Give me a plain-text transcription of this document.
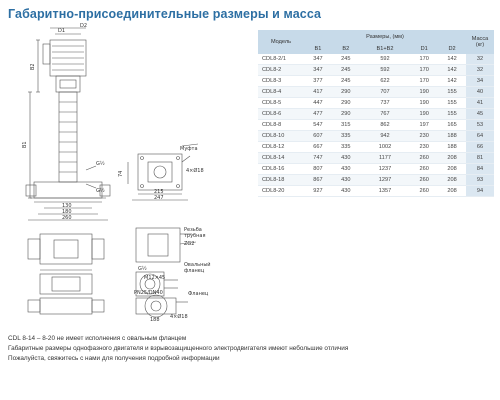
Габаритно-присоединительные размеры и масса
D1
D2
B2
B1
G½
G½
130
180
260
Муфта
4×Ø18
74
215
247
Резьба
трубная
ZG2
Овальный
фланец
G½
M12×45
Фланец
PN25/DN40
4×Ø18
188
Модель	Размеры, (мм)					Масса
(кг)
	B1	B2	B1+B2	D1	D2	
CDL8-2/1	347	245	592	170	142	32
CDL8-2	347	245	592	170	142	32
CDL8-3	377	245	622	170	142	34
CDL8-4	417	290	707	190	155	40
CDL8-5	447	290	737	190	155	41
CDL8-6	477	290	767	190	155	45
CDL8-8	547	315	862	197	165	53
CDL8-10	607	335	942	230	188	64
CDL8-12	667	335	1002	230	188	66
CDL8-14	747	430	1177	260	208	81
CDL8-16	807	430	1237	260	208	84
CDL8-18	867	430	1297	260	208	93
CDL8-20	927	430	1357	260	208	94
CDL 8-14 – 8-20 не имеет исполнения с овальным фланцем
Габаритные размеры однофазного двигателя и взрывозащищенного электродвигателя имеют небольшие отличия
Пожалуйста, свяжитесь с нами для получения подробной информации
